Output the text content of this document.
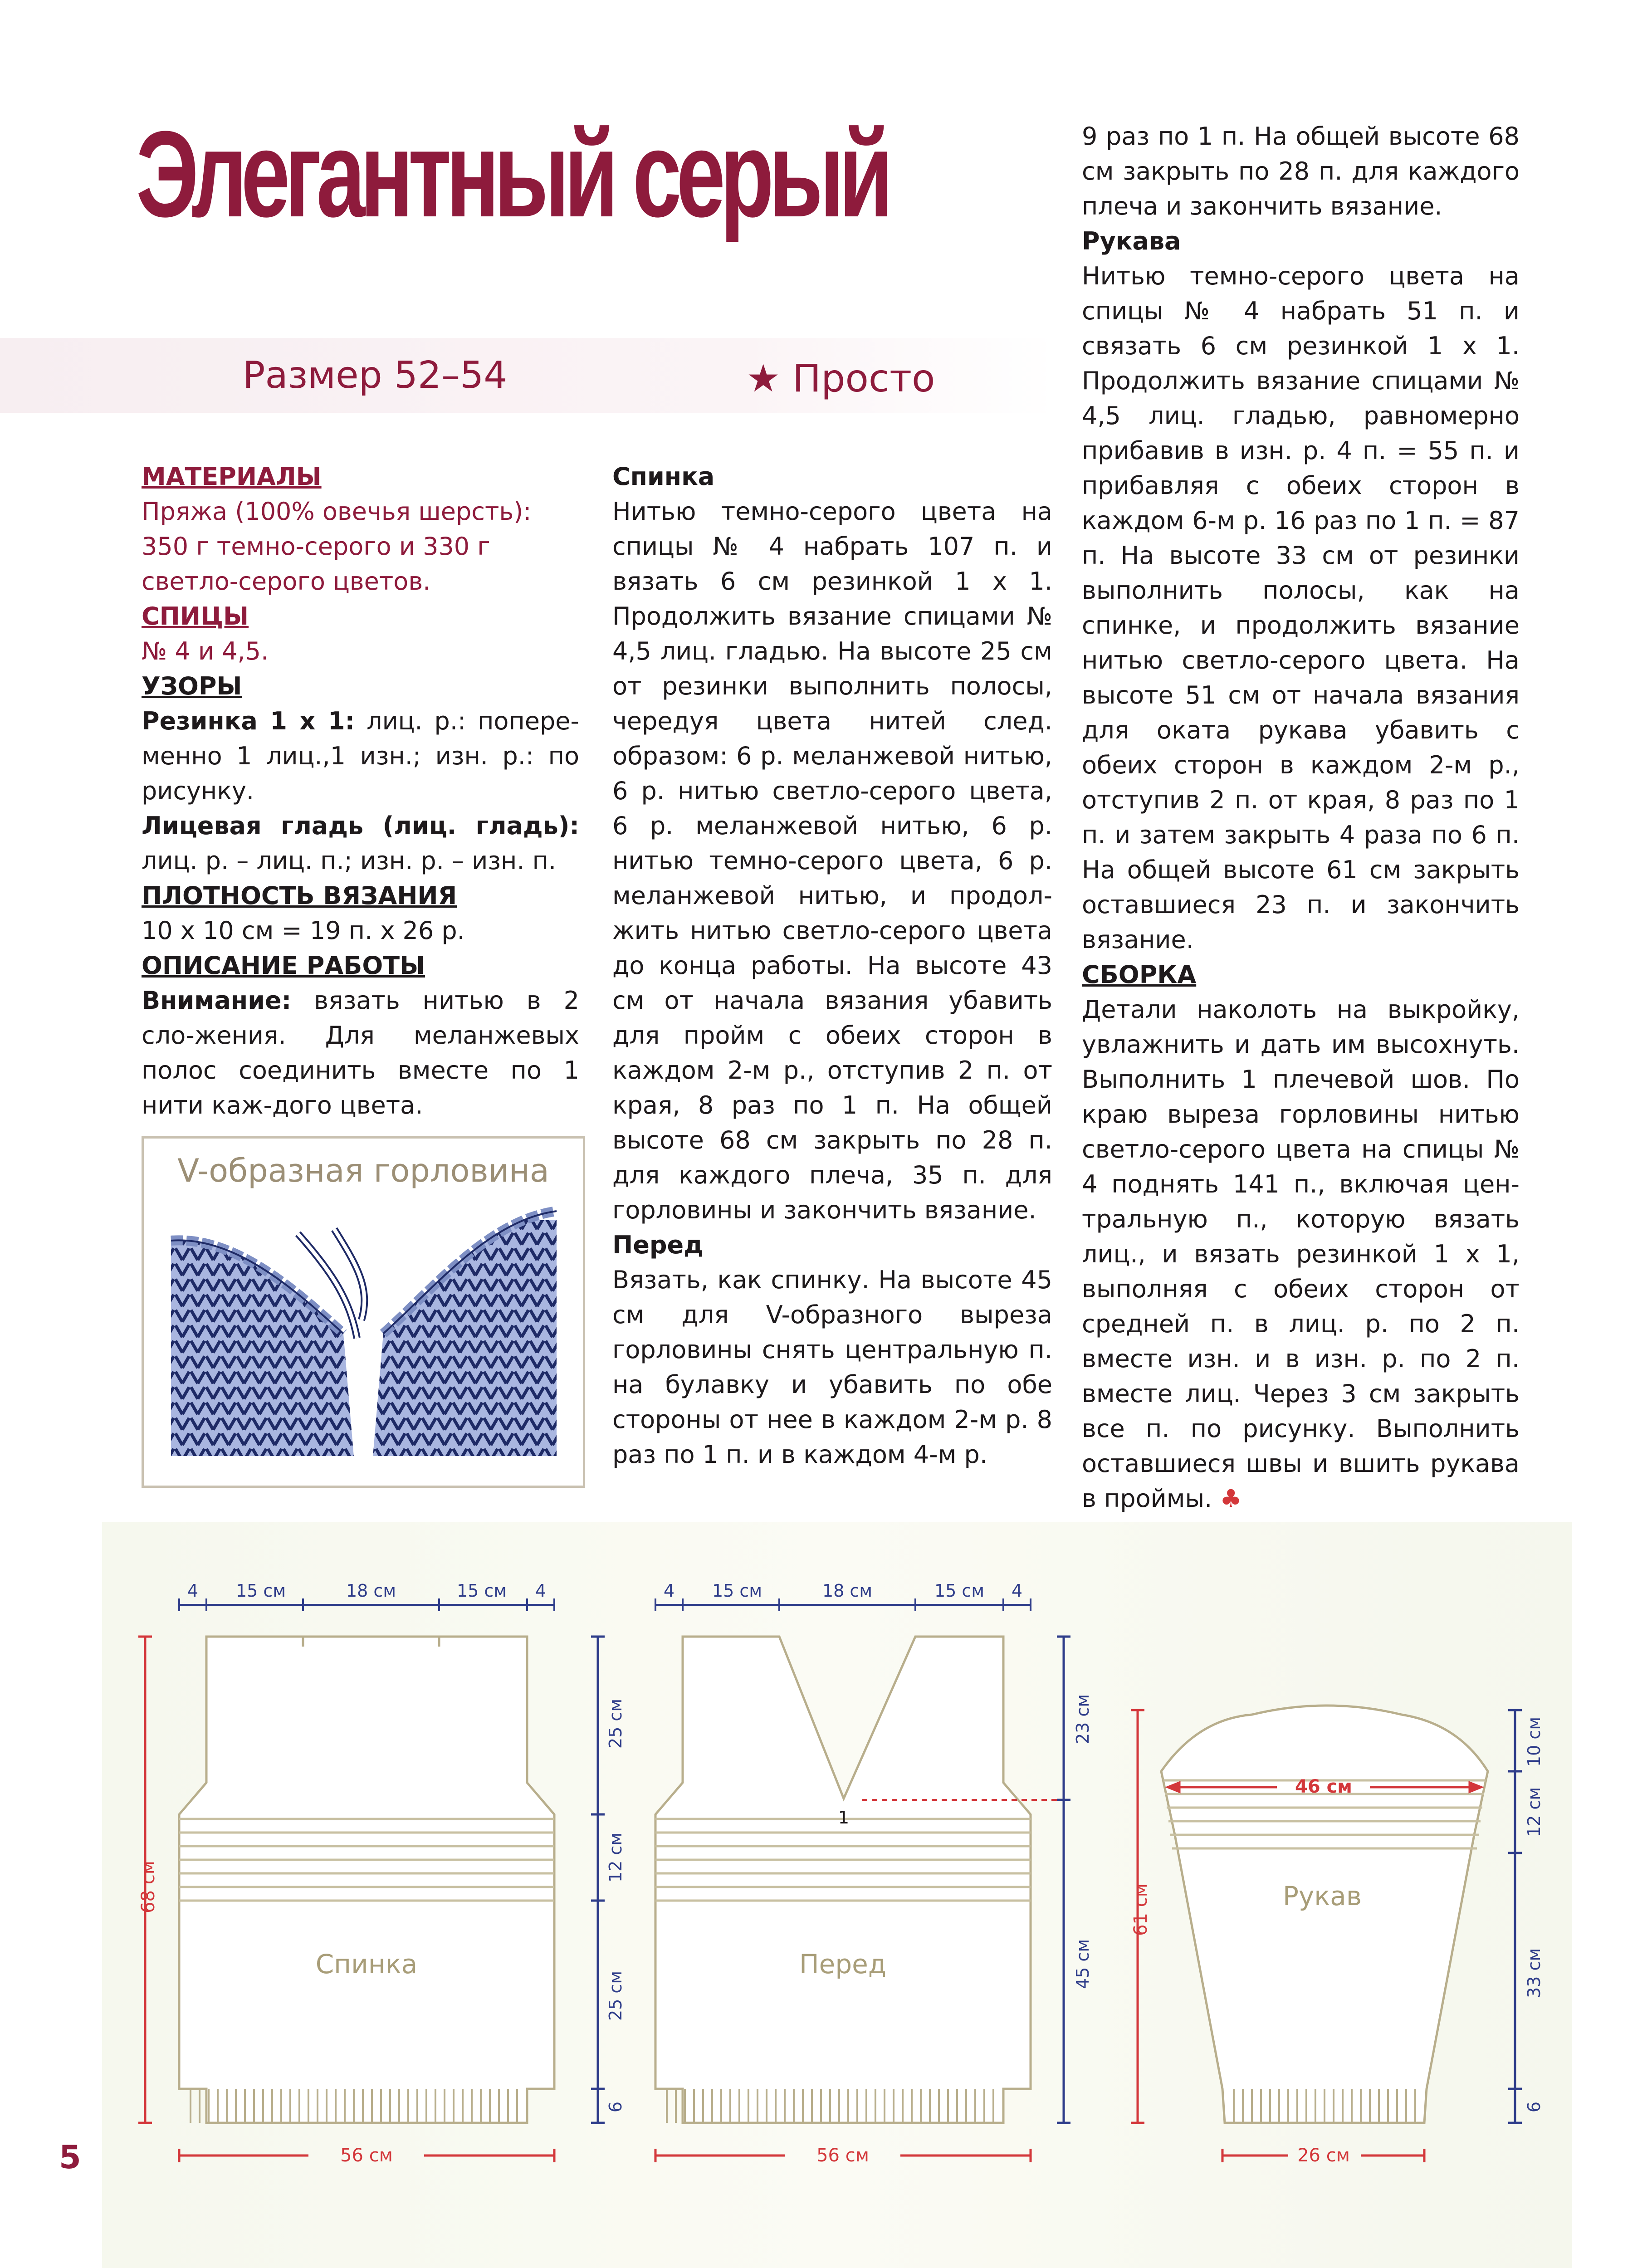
Элегантный серый
Размер 52–54	★ Просто

МАТЕРИАЛЫ

Пряжа (100% овечья шерсть):

350 г темно-серого и 330 г

светло-серого цветов.

СПИЦЫ

№ 4 и 4,5.

УЗОРЫ

Резинка 1 х 1: лиц. р.: попере-менно 1 лиц.,1 изн.; изн. р.: по рисунку.

Лицевая гладь (лиц. гладь): лиц. р. – лиц. п.; изн. р. – изн. п.

ПЛОТНОСТЬ ВЯЗАНИЯ

10 х 10 см = 19 п. х 26 р.

ОПИСАНИЕ РАБОТЫ

Внимание: вязать нитью в 2 сло-жения. Для меланжевых полос соединить вместе по 1 нити каж-дого цвета.

V-образная горловина

Спинка

Нитью темно-серого цвета на спицы № 4 набрать 107 п. и вязать 6 см резинкой 1 х 1. Продолжить вязание спицами № 4,5 лиц. гладью. На высоте 25 см от резинки выполнить полосы, чередуя цвета нитей след. образом: 6 р. меланжевой нитью, 6 р. нитью светло-серого цвета, 6 р. меланжевой нитью, 6 р. нитью темно-серого цвета, 6 р. меланжевой нитью, и продол-жить нитью светло-серого цвета до конца работы. На высоте 43 см от начала вязания убавить для пройм с обеих сторон в каждом 2-м р., отступив 2 п. от края, 8 раз по 1 п. На общей высоте 68 см закрыть по 28 п. для каждого плеча, 35 п. для горловины и закончить вязание.

Перед

Вязать, как спинку. На высоте 45 см для V-образного выреза горловины снять центральную п. на булавку и убавить по обе стороны от нее в каждом 2-м р. 8 раз по 1 п. и в каждом 4-м р.

9 раз по 1 п. На общей высоте 68 см закрыть по 28 п. для каждого плеча и закончить вязание.

Рукава

Нитью темно-серого цвета на спицы № 4 набрать 51 п. и связать 6 см резинкой 1 х 1. Продолжить вязание спицами № 4,5 лиц. гладью, равномерно прибавив в изн. р. 4 п. = 55 п. и прибавляя с обеих сторон в каждом 6-м р. 16 раз по 1 п. = 87 п. На высоте 33 см от резинки выполнить полосы, как на спинке, и продолжить вязание нитью светло-серого цвета. На высоте 51 см от начала вязания для оката рукава убавить с обеих сторон в каждом 2-м р., отступив 2 п. от края, 8 раз по 1 п. и затем закрыть 4 раза по 6 п. На общей высоте 61 см закрыть оставшиеся 23 п. и закончить вязание.

СБОРКА

Детали наколоть на выкройку, увлажнить и дать им высохнуть. Выполнить 1 плечевой шов. По краю выреза горловины нитью светло-серого цвета на спицы № 4 поднять 141 п., включая цен-тральную п., которую вязать лиц., и вязать резинкой 1 х 1, выполняя с обеих сторон от средней п. в лиц. р. по 2 п. вместе изн. и в изн. р. по 2 п. вместе лиц. Через 3 см закрыть все п. по рисунку. Выполнить оставшиеся швы и вшить рукава в проймы. ♣

Спинка
4 15 см	18 см	15 см 4
68 см
25 см
12 см
25 см
6
56 см
Перед
1
4 15 см	18 см	15 см 4
23 см
45 см
56 см
Рукав
46 см
61 см
10 см
12 см
33 см
6
26 см
5
